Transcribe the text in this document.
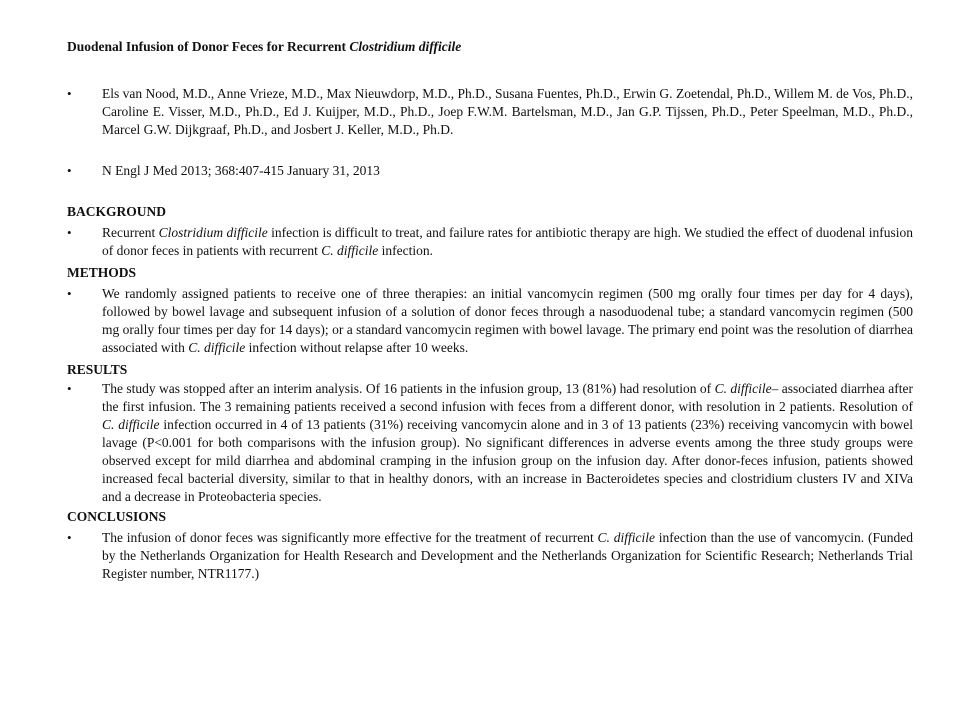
Duodenal Infusion of Donor Feces for Recurrent Clostridium difficile

• Els van Nood, M.D., Anne Vrieze, M.D., Max Nieuwdorp, M.D., Ph.D., Susana Fuentes, Ph.D., Erwin G. Zoetendal, Ph.D., Willem M. de Vos, Ph.D., Caroline E. Visser, M.D., Ph.D., Ed J. Kuijper, M.D., Ph.D., Joep F.W.M. Bartelsman, M.D., Jan G.P. Tijssen, Ph.D., Peter Speelman, M.D., Ph.D., Marcel G.W. Dijkgraaf, Ph.D., and Josbert J. Keller, M.D., Ph.D.
• N Engl J Med 2013; 368:407-415 January 31, 2013
BACKGROUND
• Recurrent Clostridium difficile infection is difficult to treat, and failure rates for antibiotic therapy are high. We studied the effect of duodenal infusion of donor feces in patients with recurrent C. difficile infection.
METHODS
• We randomly assigned patients to receive one of three therapies: an initial vancomycin regimen (500 mg orally four times per day for 4 days), followed by bowel lavage and subsequent infusion of a solution of donor feces through a nasoduodenal tube; a standard vancomycin regimen (500 mg orally four times per day for 14 days); or a standard vancomycin regimen with bowel lavage. The primary end point was the resolution of diarrhea associated with C. difficile infection without relapse after 10 weeks.
RESULTS
• The study was stopped after an interim analysis. Of 16 patients in the infusion group, 13 (81%) had resolution of C. difficile– associated diarrhea after the first infusion. The 3 remaining patients received a second infusion with feces from a different donor, with resolution in 2 patients. Resolution of C. difficile infection occurred in 4 of 13 patients (31%) receiving vancomycin alone and in 3 of 13 patients (23%) receiving vancomycin with bowel lavage (P<0.001 for both comparisons with the infusion group). No significant differences in adverse events among the three study groups were observed except for mild diarrhea and abdominal cramping in the infusion group on the infusion day. After donor-feces infusion, patients showed increased fecal bacterial diversity, similar to that in healthy donors, with an increase in Bacteroidetes species and clostridium clusters IV and XIVa and a decrease in Proteobacteria species.
CONCLUSIONS
• The infusion of donor feces was significantly more effective for the treatment of recurrent C. difficile infection than the use of vancomycin. (Funded by the Netherlands Organization for Health Research and Development and the Netherlands Organization for Scientific Research; Netherlands Trial Register number, NTR1177.)
